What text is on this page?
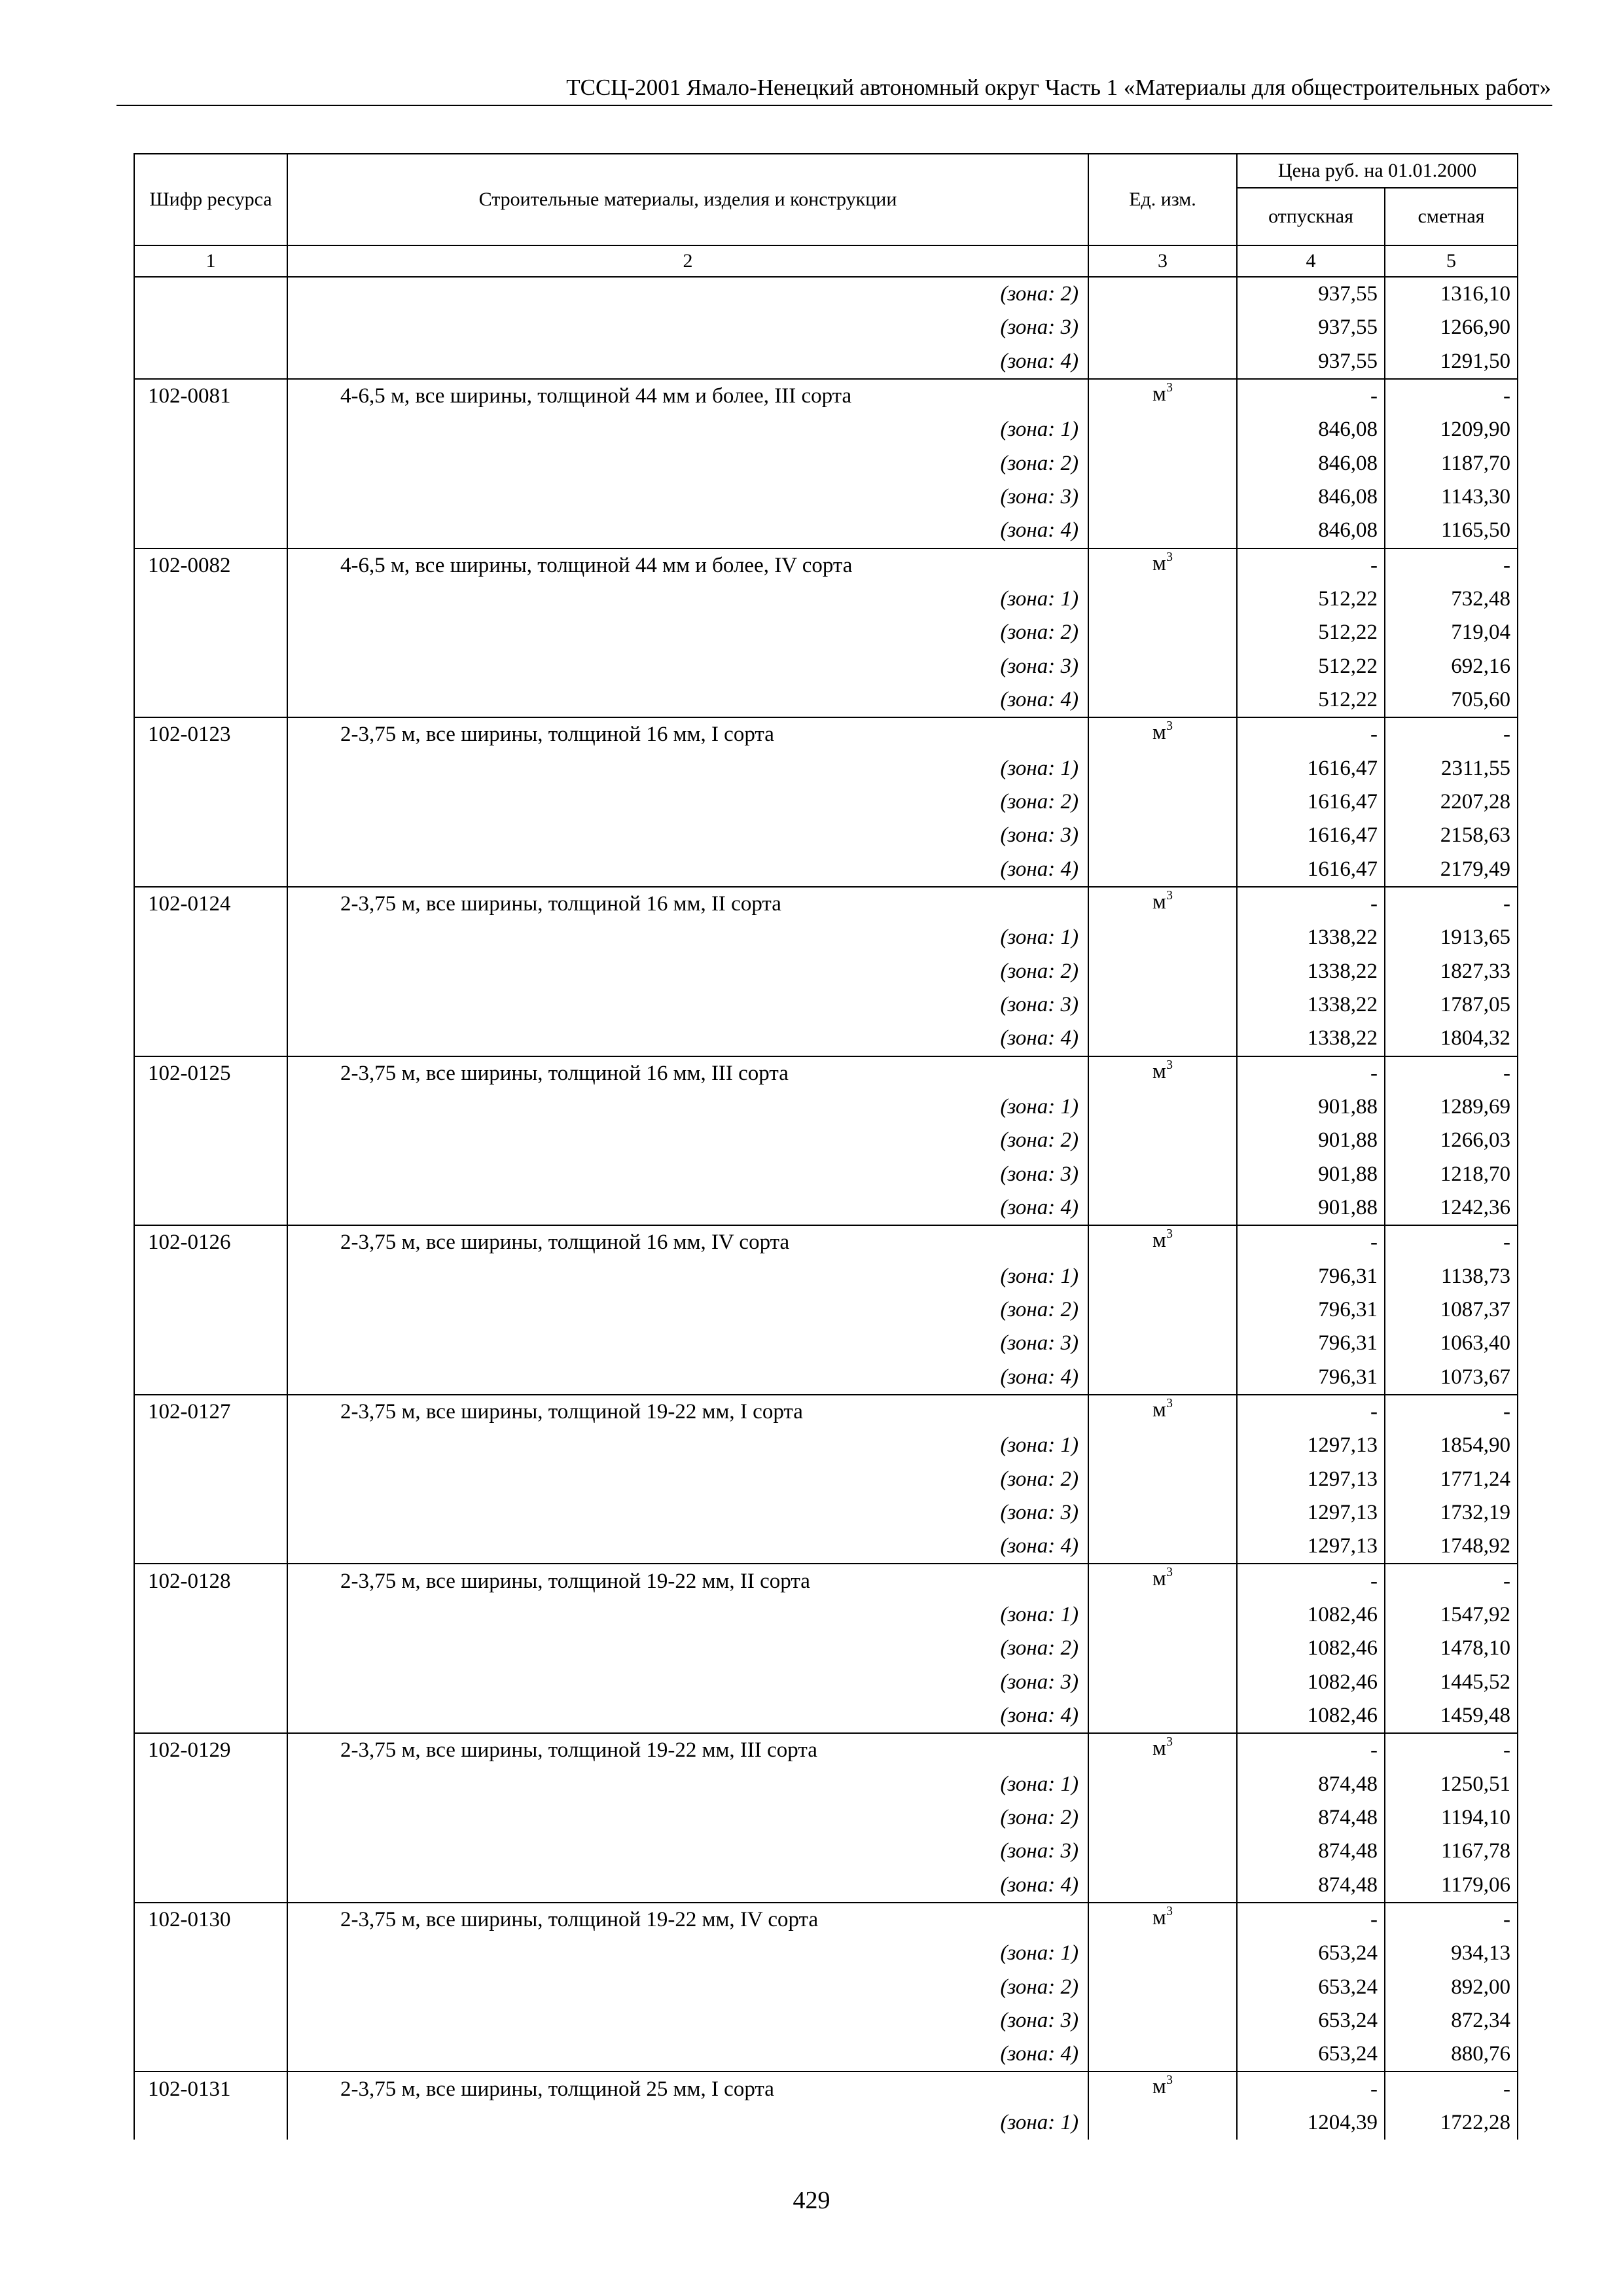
ТССЦ-2001 Ямало-Ненецкий автономный округ Часть 1 «Материалы для общестроительных работ»
Шифр ресурса	Строительные материалы, изделия и конструкции	Ед. изм.	Цена руб. на 01.01.2000	
			отпускная	сметная
1	2	3	4	5
	(зона: 2)		937,55	1316,10
	(зона: 3)		937,55	1266,90
	(зона: 4)		937,55	1291,50
102-0081	4-6,5 м, все ширины, толщиной 44 мм и более, III сорта	$м^3$	-	-
	(зона: 1)		846,08	1209,90
	(зона: 2)		846,08	1187,70
	(зона: 3)		846,08	1143,30
	(зона: 4)		846,08	1165,50
102-0082	4-6,5 м, все ширины, толщиной 44 мм и более, IV сорта	$м^3$	-	-
	(зона: 1)		512,22	732,48
	(зона: 2)		512,22	719,04
	(зона: 3)		512,22	692,16
	(зона: 4)		512,22	705,60
102-0123	2-3,75 м, все ширины, толщиной 16 мм, I сорта	$м^3$	-	-
	(зона: 1)		1616,47	2311,55
	(зона: 2)		1616,47	2207,28
	(зона: 3)		1616,47	2158,63
	(зона: 4)		1616,47	2179,49
102-0124	2-3,75 м, все ширины, толщиной 16 мм, II сорта	$м^3$	-	-
	(зона: 1)		1338,22	1913,65
	(зона: 2)		1338,22	1827,33
	(зона: 3)		1338,22	1787,05
	(зона: 4)		1338,22	1804,32
102-0125	2-3,75 м, все ширины, толщиной 16 мм, III сорта	$м^3$	-	-
	(зона: 1)		901,88	1289,69
	(зона: 2)		901,88	1266,03
	(зона: 3)		901,88	1218,70
	(зона: 4)		901,88	1242,36
102-0126	2-3,75 м, все ширины, толщиной 16 мм, IV сорта	$м^3$	-	-
	(зона: 1)		796,31	1138,73
	(зона: 2)		796,31	1087,37
	(зона: 3)		796,31	1063,40
	(зона: 4)		796,31	1073,67
102-0127	2-3,75 м, все ширины, толщиной 19-22 мм, I сорта	$м^3$	-	-
	(зона: 1)		1297,13	1854,90
	(зона: 2)		1297,13	1771,24
	(зона: 3)		1297,13	1732,19
	(зона: 4)		1297,13	1748,92
102-0128	2-3,75 м, все ширины, толщиной 19-22 мм, II сорта	$м^3$	-	-
	(зона: 1)		1082,46	1547,92
	(зона: 2)		1082,46	1478,10
	(зона: 3)		1082,46	1445,52
	(зона: 4)		1082,46	1459,48
102-0129	2-3,75 м, все ширины, толщиной 19-22 мм, III сорта	$м^3$	-	-
	(зона: 1)		874,48	1250,51
	(зона: 2)		874,48	1194,10
	(зона: 3)		874,48	1167,78
	(зона: 4)		874,48	1179,06
102-0130	2-3,75 м, все ширины, толщиной 19-22 мм, IV сорта	$м^3$	-	-
	(зона: 1)		653,24	934,13
	(зона: 2)		653,24	892,00
	(зона: 3)		653,24	872,34
	(зона: 4)		653,24	880,76
102-0131	2-3,75 м, все ширины, толщиной 25 мм, I сорта	$м^3$	-	-
	(зона: 1)		1204,39	1722,28
429
